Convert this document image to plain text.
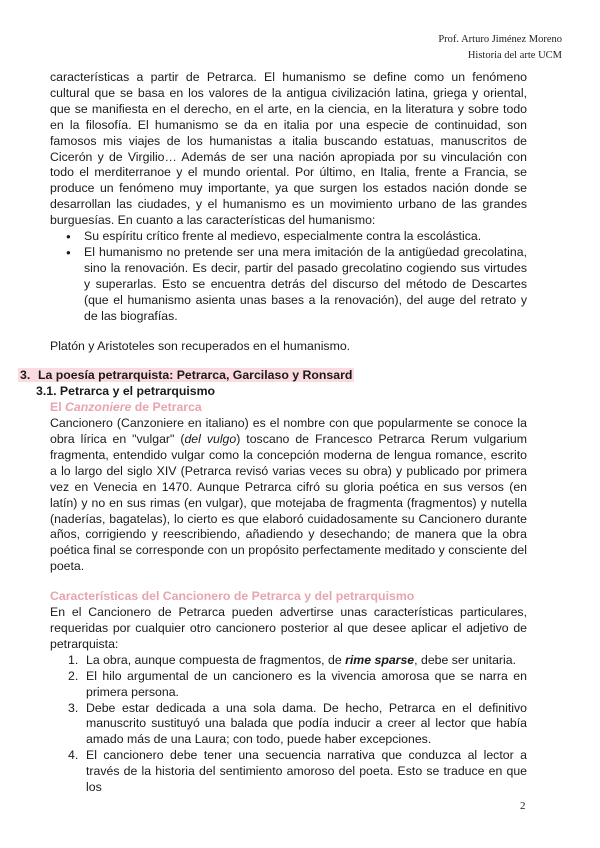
Prof. Arturo Jiménez Moreno
Historia del arte UCM

características a partir de Petrarca. El humanismo se define como un fenómeno cultural que se basa en los valores de la antigua civilización latina, griega y oriental, que se manifiesta en el derecho, en el arte, en la ciencia, en la literatura y sobre todo en la filosofía. El humanismo se da en italia por una especie de continuidad, son famosos mis viajes de los humanistas a italia buscando estatuas, manuscritos de Cicerón y de Virgilio… Además de ser una nación apropiada por su vinculación con todo el merditerranoe y el mundo oriental. Por último, en Italia, frente a Francia, se produce un fenómeno muy importante, ya que surgen los estados nación donde se desarrollan las ciudades, y el humanismo es un movimiento urbano de las grandes burguesías. En cuanto a las características del humanismo:

● Su espíritu crítico frente al medievo, especialmente contra la escolástica.
● El humanismo no pretende ser una mera imitación de la antigüedad grecolatina, sino la renovación. Es decir, partir del pasado grecolatino cogiendo sus virtudes y superarlas. Esto se encuentra detrás del discurso del método de Descartes (que el humanismo asienta unas bases a la renovación), del auge del retrato y de las biografías.

Platón y Aristoteles son recuperados en el humanismo.

3. La poesía petrarquista: Petrarca, Garcilaso y Ronsard
3.1. Petrarca y el petrarquismo
El Canzoniere de Petrarca

Cancionero (Canzoniere en italiano) es el nombre con que popularmente se conoce la obra lírica en "vulgar" (del vulgo) toscano de Francesco Petrarca Rerum vulgarium fragmenta, entendido vulgar como la concepción moderna de lengua romance, escrito a lo largo del siglo XIV (Petrarca revisó varias veces su obra) y publicado por primera vez en Venecia en 1470. Aunque Petrarca cifró su gloria poética en sus versos (en latín) y no en sus rimas (en vulgar), que motejaba de fragmenta (fragmentos) y nutella (naderías, bagatelas), lo cierto es que elaboró cuidadosamente su Cancionero durante años, corrigiendo y reescribiendo, añadiendo y desechando; de manera que la obra poética final se corresponde con un propósito perfectamente meditado y consciente del poeta.

Características del Cancionero de Petrarca y del petrarquismo

En el Cancionero de Petrarca pueden advertirse unas características particulares, requeridas por cualquier otro cancionero posterior al que desee aplicar el adjetivo de petrarquista:

1. La obra, aunque compuesta de fragmentos, de rime sparse, debe ser unitaria.
2. El hilo argumental de un cancionero es la vivencia amorosa que se narra en primera persona.
3. Debe estar dedicada a una sola dama. De hecho, Petrarca en el definitivo manuscrito sustituyó una balada que podía inducir a creer al lector que había amado más de una Laura; con todo, puede haber excepciones.
4. El cancionero debe tener una secuencia narrativa que conduzca al lector a través de la historia del sentimiento amoroso del poeta. Esto se traduce en que los
2
